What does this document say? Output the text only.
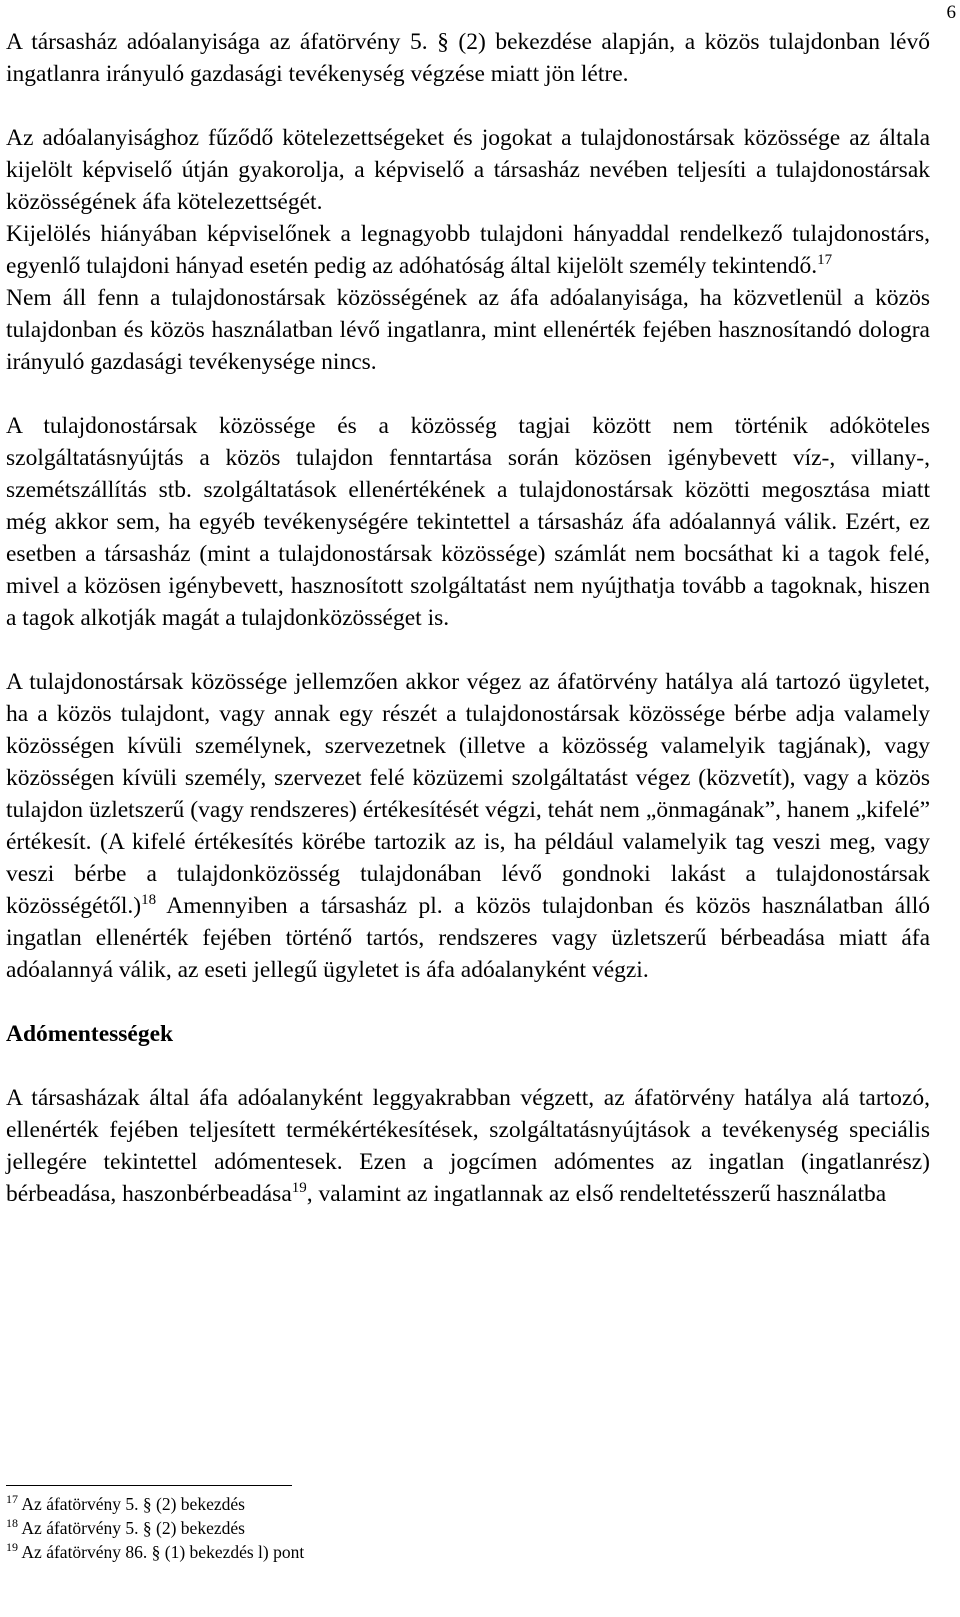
6

A társasház adóalanyisága az áfatörvény 5. § (2) bekezdése alapján, a közös tulajdonban lévő ingatlanra irányuló gazdasági tevékenység végzése miatt jön létre.

Az adóalanyisághoz fűződő kötelezettségeket és jogokat a tulajdonostársak közössége az általa kijelölt képviselő útján gyakorolja, a képviselő a társasház nevében teljesíti a tulajdonostársak közösségének áfa kötelezettségét.

Kijelölés hiányában képviselőnek a legnagyobb tulajdoni hányaddal rendelkező tulajdonostárs, egyenlő tulajdoni hányad esetén pedig az adóhatóság által kijelölt személy tekintendő.$^{17}$

Nem áll fenn a tulajdonostársak közösségének az áfa adóalanyisága, ha közvetlenül a közös tulajdonban és közös használatban lévő ingatlanra, mint ellenérték fejében hasznosítandó dologra irányuló gazdasági tevékenysége nincs.

A tulajdonostársak közössége és a közösség tagjai között nem történik adóköteles szolgáltatásnyújtás a közös tulajdon fenntartása során közösen igénybevett víz-, villany-, szemétszállítás stb. szolgáltatások ellenértékének a tulajdonostársak közötti megosztása miatt még akkor sem, ha egyéb tevékenységére tekintettel a társasház áfa adóalannyá válik. Ezért, ez esetben a társasház (mint a tulajdonostársak közössége) számlát nem bocsáthat ki a tagok felé, mivel a közösen igénybevett, hasznosított szolgáltatást nem nyújthatja tovább a tagoknak, hiszen a tagok alkotják magát a tulajdonközösséget is.

A tulajdonostársak közössége jellemzően akkor végez az áfatörvény hatálya alá tartozó ügyletet, ha a közös tulajdont, vagy annak egy részét a tulajdonostársak közössége bérbe adja valamely közösségen kívüli személynek, szervezetnek (illetve a közösség valamelyik tagjának), vagy közösségen kívüli személy, szervezet felé közüzemi szolgáltatást végez (közvetít), vagy a közös tulajdon üzletszerű (vagy rendszeres) értékesítését végzi, tehát nem „önmagának”, hanem „kifelé” értékesít. (A kifelé értékesítés körébe tartozik az is, ha például valamelyik tag veszi meg, vagy veszi bérbe a tulajdonközösség tulajdonában lévő gondnoki lakást a tulajdonostársak közösségétől.)$^{18}$ Amennyiben a társasház pl. a közös tulajdonban és közös használatban álló ingatlan ellenérték fejében történő tartós, rendszeres vagy üzletszerű bérbeadása miatt áfa adóalannyá válik, az eseti jellegű ügyletet is áfa adóalanyként végzi.

Adómentességek

A társasházak által áfa adóalanyként leggyakrabban végzett, az áfatörvény hatálya alá tartozó, ellenérték fejében teljesített termékértékesítések, szolgáltatásnyújtások a tevékenység speciális jellegére tekintettel adómentesek. Ezen a jogcímen adómentes az ingatlan (ingatlanrész) bérbeadása, haszonbérbeadása$^{19}$, valamint az ingatlannak az első rendeltetésszerű használatba

$^{17}$ Az áfatörvény 5. § (2) bekezdés
$^{18}$ Az áfatörvény 5. § (2) bekezdés
$^{19}$ Az áfatörvény 86. § (1) bekezdés l) pont
